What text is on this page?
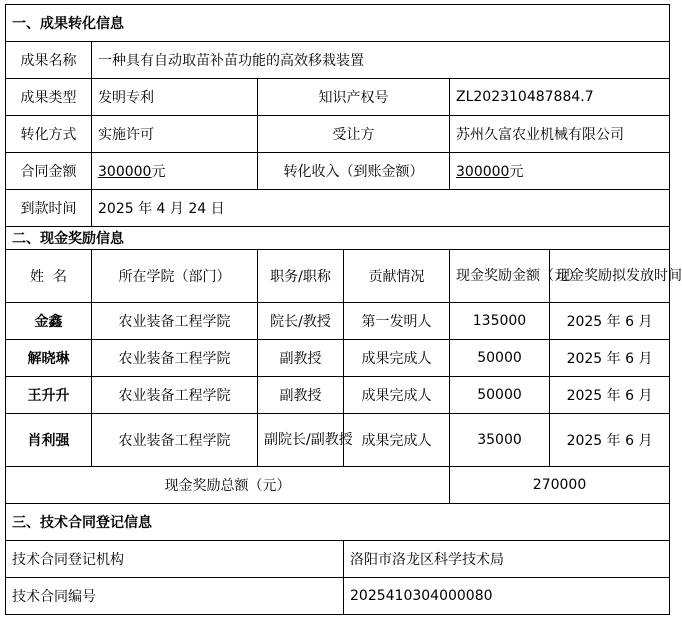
一、成果转化信息					
成果名称	一种具有自动取苗补苗功能的高效移栽装置				
成果类型	发明专利	知识产权号		ZL202310487884.7	
转化方式	实施许可	受让方		苏州久富农业机械有限公司	
合同金额	300000元	转化收入（到账金额）		300000元	
到款时间	2025 年 4 月 24 日				
二、现金奖励信息					
姓  名	所在学院（部门）	职务/职称	贡献情况	现金奖励金额（元）	现金奖励拟发放时间
金鑫	农业装备工程学院	院长/教授	第一发明人	135000	2025 年 6 月
解晓琳	农业装备工程学院	副教授	成果完成人	50000	2025 年 6 月
王升升	农业装备工程学院	副教授	成果完成人	50000	2025 年 6 月
肖利强	农业装备工程学院	副院长/副教授	成果完成人	35000	2025 年 6 月
现金奖励总额（元）				270000	
三、技术合同登记信息					
技术合同登记机构			洛阳市洛龙区科学技术局		
技术合同编号			2025410304000080		
